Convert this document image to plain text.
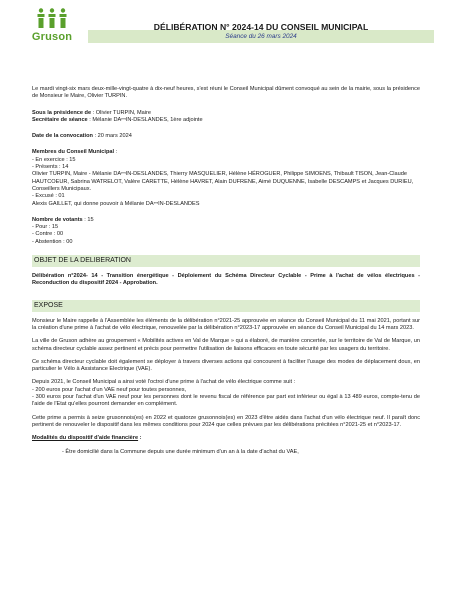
Gruson
DÉLIBÉRATION N° 2024-14 DU CONSEIL MUNICIPAL
Séance du 26 mars 2024

Le mardi vingt-six mars deux-mille-vingt-quatre à dix-neuf heures, s'est réuni le Conseil Municipal dûment convoqué au sein de la mairie, sous la présidence de Monsieur le Maire, Olivier TURPIN.

Sous la présidence de : Olivier TURPIN, Maire

Secrétaire de séance : Mélanie DAꟷIN-DESLANDES, 1ère adjointe

Date de la convocation : 20 mars 2024

Membres du Conseil Municipal :

- En exercice : 15

- Présents : 14

Olivier TURPIN, Maire - Mélanie DAꟷIN-DESLANDES, Thierry MASQUELIER, Hélène HÉROGUER, Philippe SIMOENS, Thibault TISON, Jean-Claude HAUTCOEUR, Sabrina WATRELOT, Valère CARETTE, Hélène HAVRET, Alain DUFRENE, Aimé DUQUENNE, Isabelle DESCAMPS et Jacques DURIEU, Conseillers Municipaux.

- Excusé : 01

Alexis GAILLET, qui donne pouvoir à Mélanie DAꟷIN-DESLANDES

Nombre de votants : 15

- Pour : 15

- Contre : 00

- Abstention : 00

OBJET DE LA DELIBERATION

Délibération n°2024- 14 - Transition énergétique - Déploiement du Schéma Directeur Cyclable - Prime à l'achat de vélos électriques - Reconduction du dispositif 2024 - Approbation.

EXPOSE

Monsieur le Maire rappelle à l'Assemblée les éléments de la délibération n°2021-25 approuvée en séance du Conseil Municipal du 11 mai 2021, portant sur la création d'une prime à l'achat de vélo électrique, renouvelée par la délibération n°2023-17 approuvée en séance du Conseil Municipal du 14 mars 2023.

La ville de Gruson adhère au groupement « Mobilités actives en Val de Marque » qui a élaboré, de manière concertée, sur le territoire de Val de Marque, un schéma directeur cyclable assez pertinent et précis pour permettre l'utilisation de liaisons efficaces en toute sécurité par les usagers du territoire.

Ce schéma directeur cyclable doit également se déployer à travers diverses actions qui concourent à faciliter l'usage des modes de déplacement doux, en particulier le Vélo à Assistance Electrique (VAE).

Depuis 2021, le Conseil Municipal a ainsi voté l'octroi d'une prime à l'achat de vélo électrique comme suit :

- 200 euros pour l'achat d'un VAE neuf pour toutes personnes,

- 300 euros pour l'achat d'un VAE neuf pour les personnes dont le revenu fiscal de référence par part est inférieur ou égal à 13 489 euros, compte-tenu de l'aide de l'Etat qu'elles pourront demander en complément.

Cette prime a permis à seize grusonnois(es) en 2022 et quatorze grusonnois(es) en 2023 d'être aidés dans l'achat d'un vélo électrique neuf. Il paraît donc pertinent de renouveler le dispositif dans les mêmes conditions pour 2024 que celles prévues par les délibérations précitées n°2021-25 et n°2023-17.

Modalités du dispositif d'aide financière :

- Être domicilié dans la Commune depuis une durée minimum d'un an à la date d'achat du VAE,
